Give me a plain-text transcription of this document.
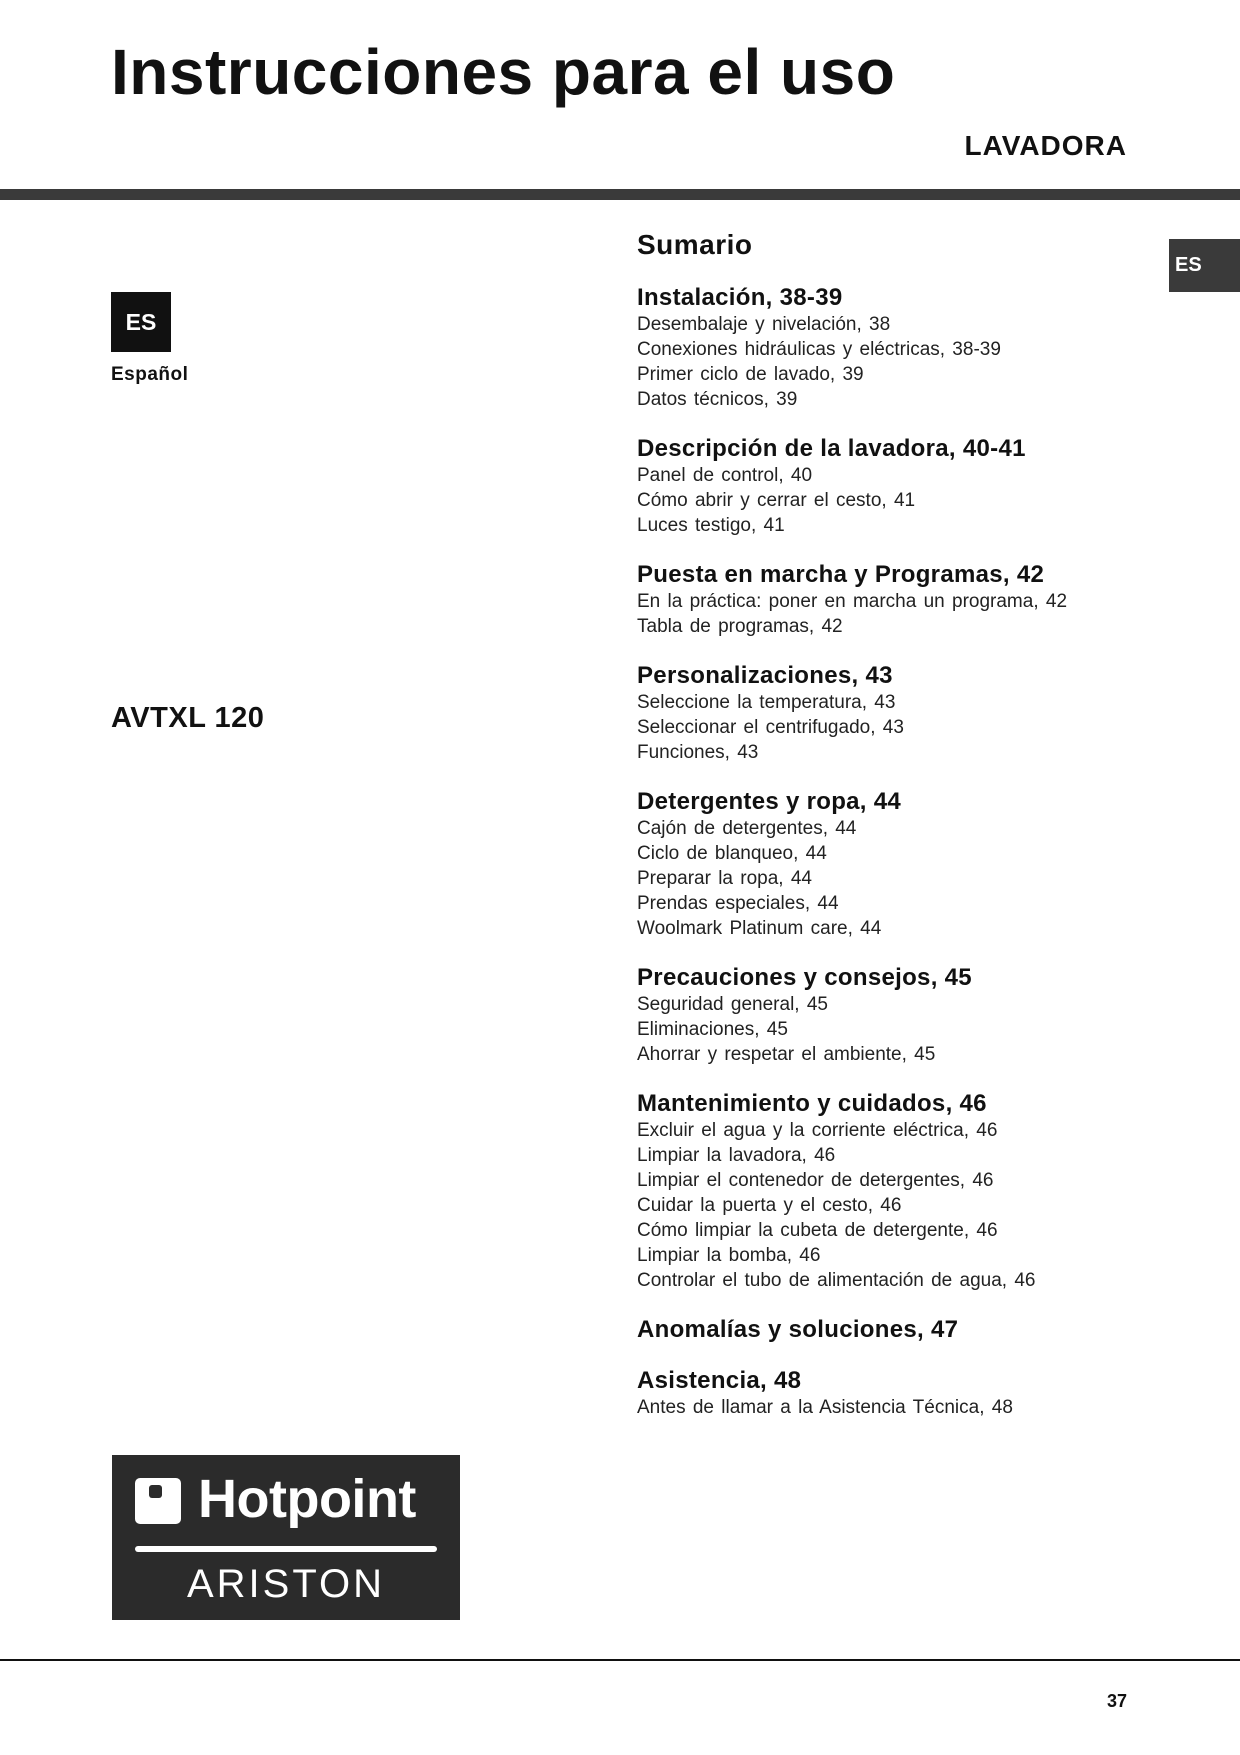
Instrucciones para el uso
LAVADORA
ES
ES
Español
AVTXL 120
Sumario
Instalación, 38-39
Desembalaje y nivelación, 38
Conexiones hidráulicas y eléctricas, 38-39
Primer ciclo de lavado, 39
Datos técnicos, 39
Descripción de la lavadora, 40-41
Panel de control, 40
Cómo abrir y cerrar el cesto, 41
Luces testigo, 41
Puesta en marcha y Programas, 42
En la práctica: poner en marcha un programa, 42
Tabla de programas, 42
Personalizaciones, 43
Seleccione la temperatura, 43
Seleccionar el centrifugado, 43
Funciones, 43
Detergentes y ropa, 44
Cajón de detergentes, 44
Ciclo de blanqueo, 44
Preparar la ropa, 44
Prendas especiales, 44
Woolmark Platinum care, 44
Precauciones y consejos, 45
Seguridad general, 45
Eliminaciones, 45
Ahorrar y respetar el ambiente, 45
Mantenimiento y cuidados, 46
Excluir el agua y la corriente eléctrica, 46
Limpiar la lavadora, 46
Limpiar el contenedor de detergentes, 46
Cuidar la puerta y el cesto, 46
Cómo limpiar la cubeta de detergente, 46
Limpiar la bomba, 46
Controlar el tubo de alimentación de agua, 46
Anomalías y soluciones, 47
Asistencia, 48
Antes de llamar a la Asistencia Técnica, 48
Hotpoint
ARISTON
37
